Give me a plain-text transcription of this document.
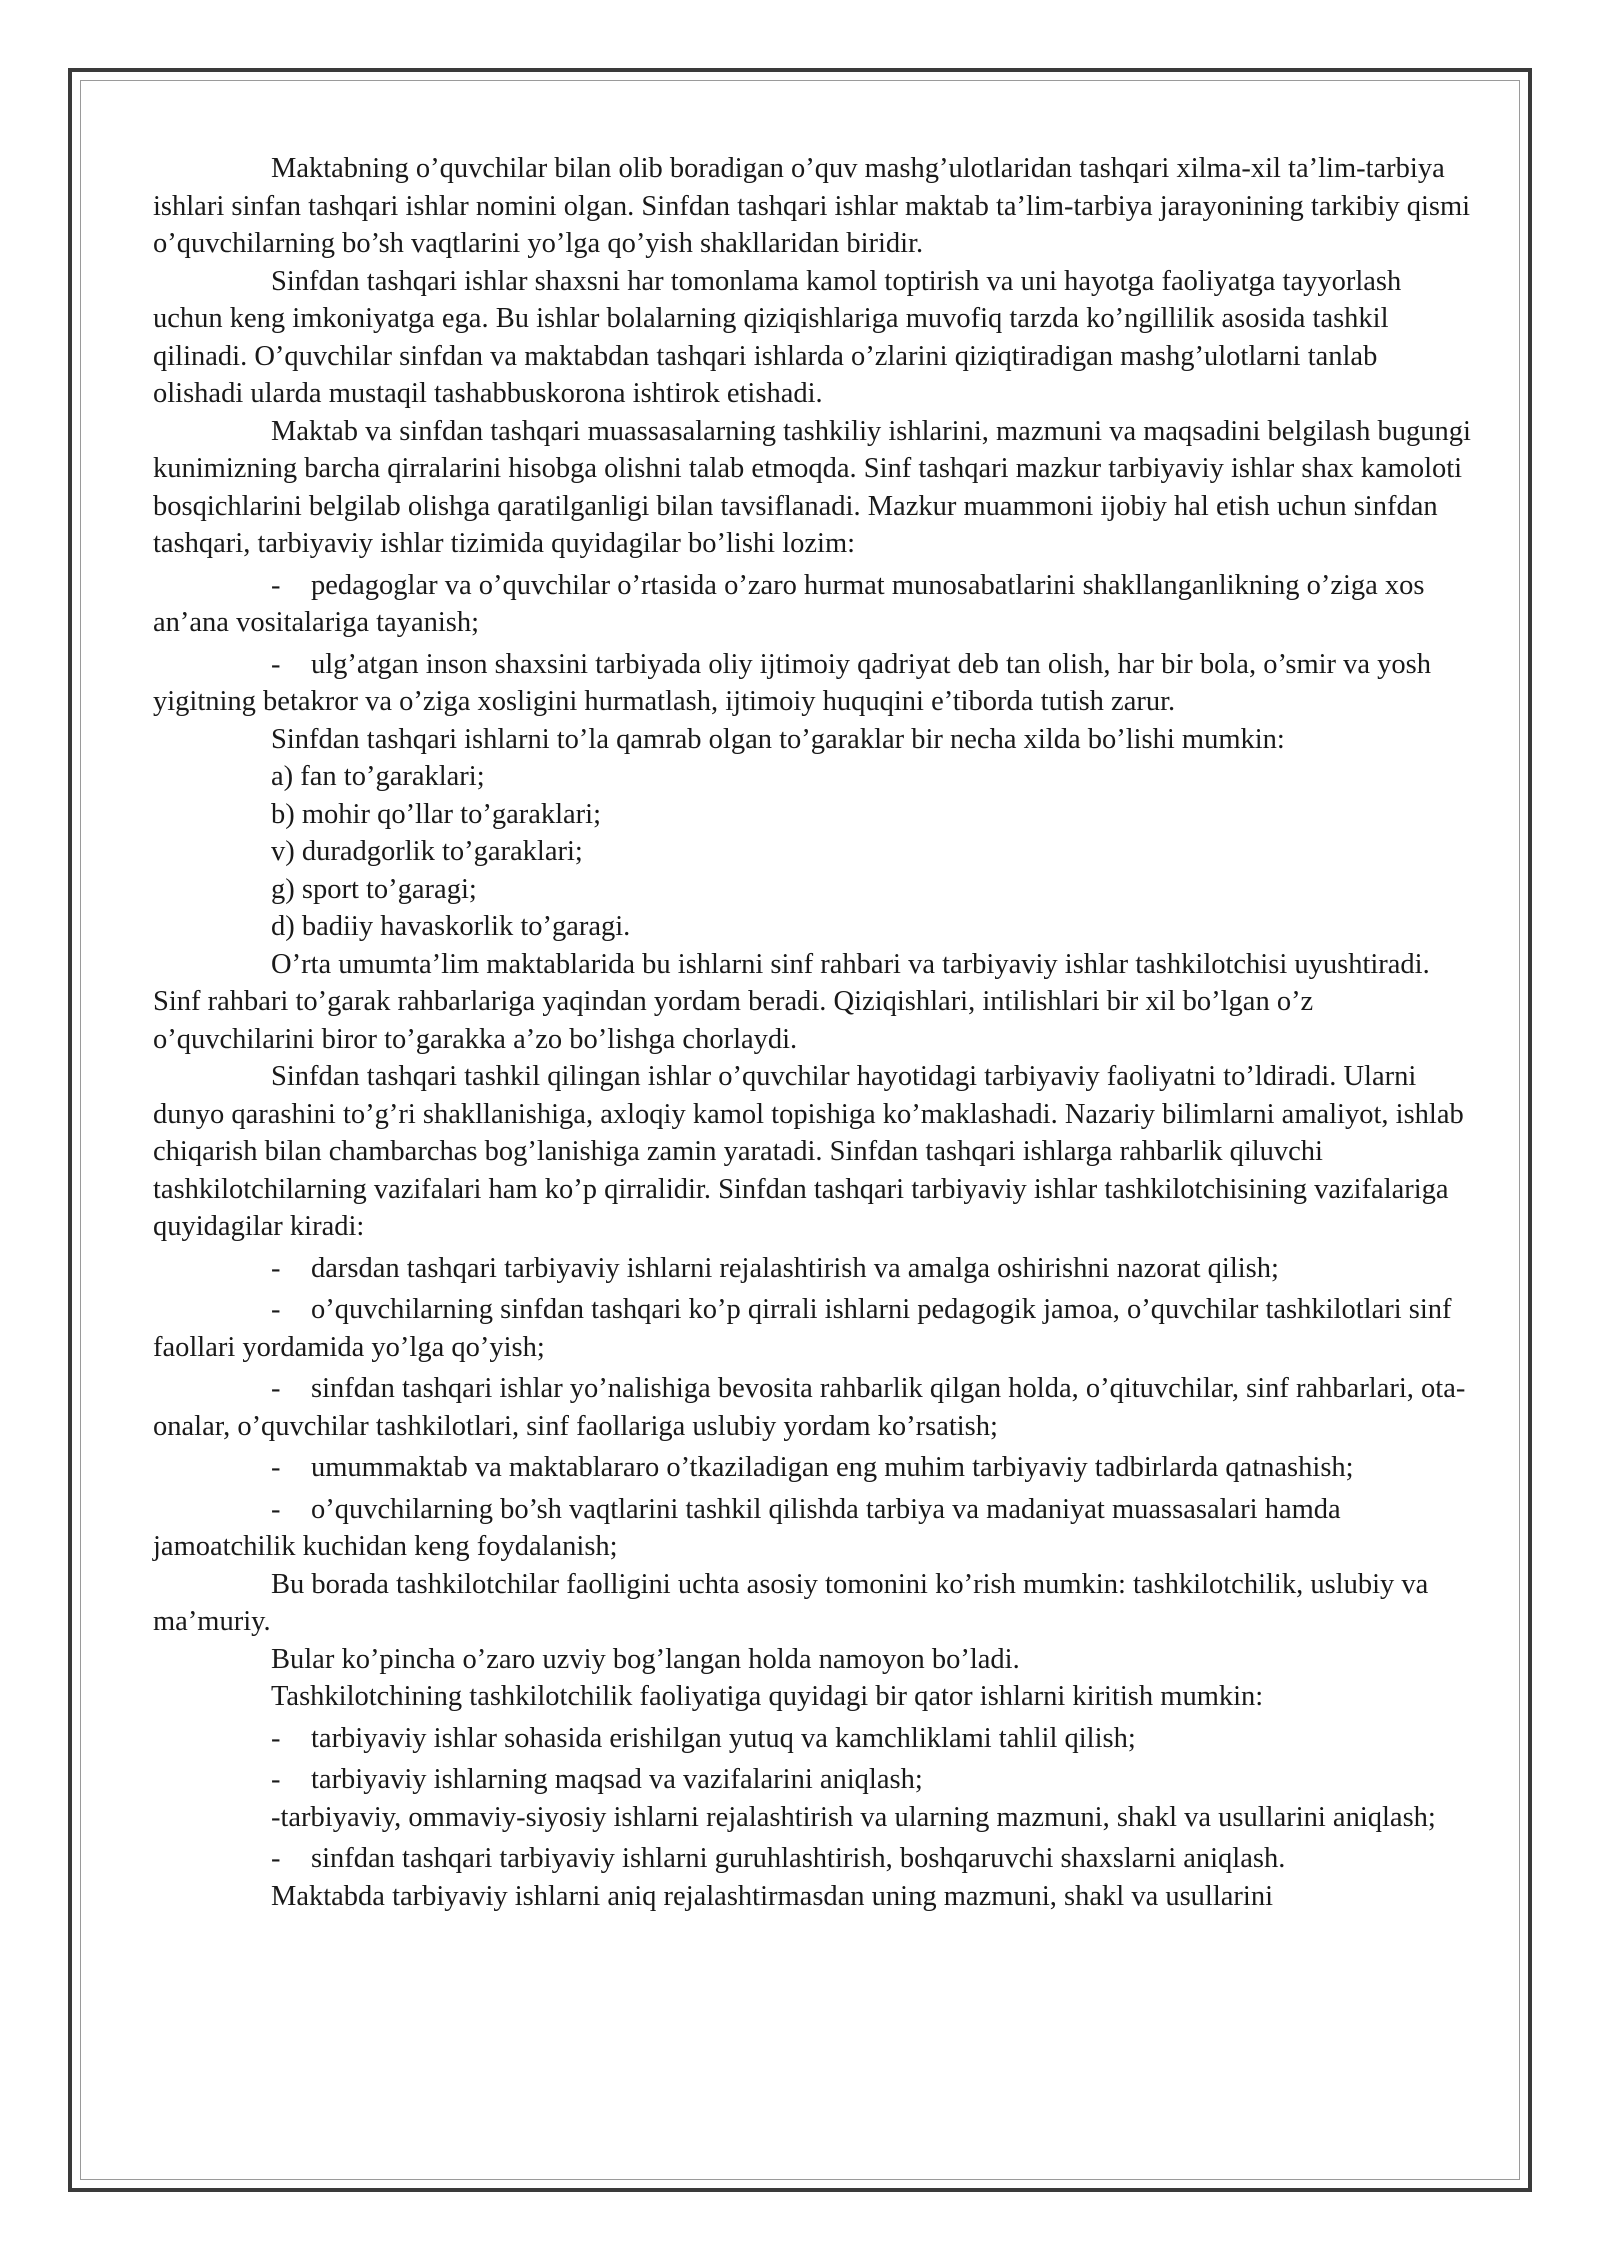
Maktabning o’quvchilar bilan olib boradigan o’quv mashg’ulotlaridan tashqari xilma-xil ta’lim-tarbiya ishlari sinfan tashqari ishlar nomini olgan. Sinfdan tashqari ishlar maktab ta’lim-tarbiya jarayonining tarkibiy qismi o’quvchilarning bo’sh vaqtlarini yo’lga qo’yish shakllaridan biridir.

Sinfdan tashqari ishlar shaxsni har tomonlama kamol toptirish va uni hayotga faoliyatga tayyorlash uchun keng imkoniyatga ega. Bu ishlar bolalarning qiziqishlariga muvofiq tarzda ko’ngillilik asosida tashkil qilinadi. O’quvchilar sinfdan va maktabdan tashqari ishlarda o’zlarini qiziqtiradigan mashg’ulotlarni tanlab olishadi ularda mustaqil tashabbuskorona ishtirok etishadi.

Maktab va sinfdan tashqari muassasalarning tashkiliy ishlarini, mazmuni va maqsadini belgilash bugungi kunimizning barcha qirralarini hisobga olishni talab etmoqda. Sinf tashqari mazkur tarbiyaviy ishlar shax kamoloti bosqichlarini belgilab olishga qaratilganligi bilan tavsiflanadi. Mazkur muammoni ijobiy hal etish uchun sinfdan tashqari, tarbiyaviy ishlar tizimida quyidagilar bo’lishi lozim:

- pedagoglar va o’quvchilar o’rtasida o’zaro hurmat munosabatlarini shakllanganlikning o’ziga xos an’ana vositalariga tayanish;

- ulg’atgan inson shaxsini tarbiyada oliy ijtimoiy qadriyat deb tan olish, har bir bola, o’smir va yosh yigitning betakror va o’ziga xosligini hurmatlash, ijtimoiy huquqini e’tiborda tutish zarur.

Sinfdan tashqari ishlarni to’la qamrab olgan to’garaklar bir necha xilda bo’lishi mumkin:

a) fan to’garaklari;

b) mohir qo’llar to’garaklari;

v) duradgorlik to’garaklari;

g) sport to’garagi;

d) badiiy havaskorlik to’garagi.

O’rta umumta’lim maktablarida bu ishlarni sinf rahbari va tarbiyaviy ishlar tashkilotchisi uyushtiradi. Sinf rahbari to’garak rahbarlariga yaqindan yordam beradi. Qiziqishlari, intilishlari bir xil bo’lgan o’z o’quvchilarini biror to’garakka a’zo bo’lishga chorlaydi.

Sinfdan tashqari tashkil qilingan ishlar o’quvchilar hayotidagi tarbiyaviy faoliyatni to’ldiradi. Ularni dunyo qarashini to’g’ri shakllanishiga, axloqiy kamol topishiga ko’maklashadi. Nazariy bilimlarni amaliyot, ishlab chiqarish bilan chambarchas bog’lanishiga zamin yaratadi. Sinfdan tashqari ishlarga rahbarlik qiluvchi tashkilotchilarning vazifalari ham ko’p qirralidir. Sinfdan tashqari tarbiyaviy ishlar tashkilotchisining vazifalariga quyidagilar kiradi:

- darsdan tashqari tarbiyaviy ishlarni rejalashtirish va amalga oshirishni nazorat qilish;

- o’quvchilarning sinfdan tashqari ko’p qirrali ishlarni pedagogik jamoa, o’quvchilar tashkilotlari sinf faollari yordamida yo’lga qo’yish;

- sinfdan tashqari ishlar yo’nalishiga bevosita rahbarlik qilgan holda, o’qituvchilar, sinf rahbarlari, ota-onalar, o’quvchilar tashkilotlari, sinf faollariga uslubiy yordam ko’rsatish;

- umummaktab va maktablararo o’tkaziladigan eng muhim tarbiyaviy tadbirlarda qatnashish;

- o’quvchilarning bo’sh vaqtlarini tashkil qilishda tarbiya va madaniyat muassasalari hamda jamoatchilik kuchidan keng foydalanish;

Bu borada tashkilotchilar faolligini uchta asosiy tomonini ko’rish mumkin: tashkilotchilik, uslubiy va ma’muriy.

Bular ko’pincha o’zaro uzviy bog’langan holda namoyon bo’ladi.

Tashkilotchining tashkilotchilik faoliyatiga quyidagi bir qator ishlarni kiritish mumkin:

- tarbiyaviy ishlar sohasida erishilgan yutuq va kamchliklami tahlil qilish;

- tarbiyaviy ishlarning maqsad va vazifalarini aniqlash;

-tarbiyaviy, ommaviy-siyosiy ishlarni rejalashtirish va ularning mazmuni, shakl va usullarini aniqlash;

- sinfdan tashqari tarbiyaviy ishlarni guruhlashtirish, boshqaruvchi shaxslarni aniqlash.

Maktabda tarbiyaviy ishlarni aniq rejalashtirmasdan uning mazmuni, shakl va usullarini
